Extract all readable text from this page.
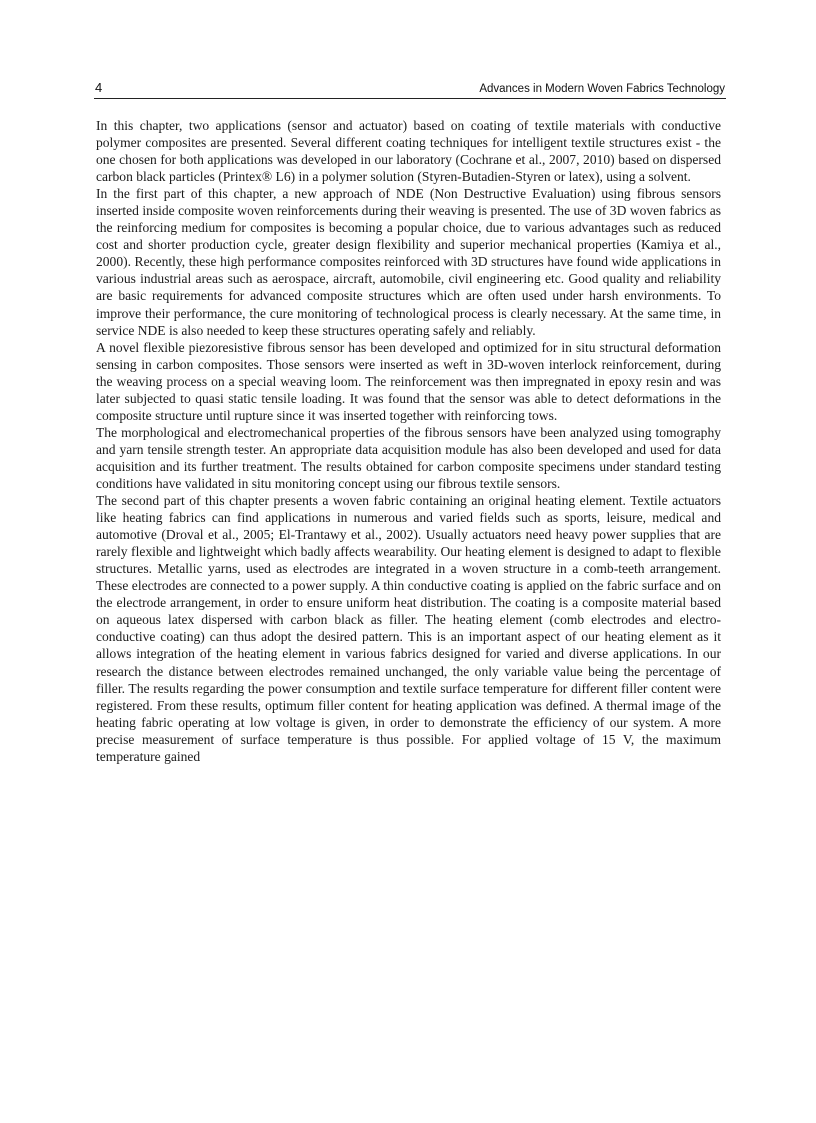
4	Advances in Modern Woven Fabrics Technology

In this chapter, two applications (sensor and actuator) based on coating of textile materials with conductive polymer composites are presented. Several different coating techniques for intelligent textile structures exist - the one chosen for both applications was developed in our laboratory (Cochrane et al., 2007, 2010) based on dispersed carbon black particles (Printex® L6) in a polymer solution (Styren-Butadien-Styren or latex), using a solvent.

In the first part of this chapter, a new approach of NDE (Non Destructive Evaluation) using fibrous sensors inserted inside composite woven reinforcements during their weaving is presented. The use of 3D woven fabrics as the reinforcing medium for composites is becoming a popular choice, due to various advantages such as reduced cost and shorter production cycle, greater design flexibility and superior mechanical properties (Kamiya et al., 2000). Recently, these high performance composites reinforced with 3D structures have found wide applications in various industrial areas such as aerospace, aircraft, automobile, civil engineering etc. Good quality and reliability are basic requirements for advanced composite structures which are often used under harsh environments. To improve their performance, the cure monitoring of technological process is clearly necessary. At the same time, in service NDE is also needed to keep these structures operating safely and reliably.

A novel flexible piezoresistive fibrous sensor has been developed and optimized for in situ structural deformation sensing in carbon composites. Those sensors were inserted as weft in 3D-woven interlock reinforcement, during the weaving process on a special weaving loom. The reinforcement was then impregnated in epoxy resin and was later subjected to quasi static tensile loading. It was found that the sensor was able to detect deformations in the composite structure until rupture since it was inserted together with reinforcing tows.

The morphological and electromechanical properties of the fibrous sensors have been analyzed using tomography and yarn tensile strength tester. An appropriate data acquisition module has also been developed and used for data acquisition and its further treatment. The results obtained for carbon composite specimens under standard testing conditions have validated in situ monitoring concept using our fibrous textile sensors.

The second part of this chapter presents a woven fabric containing an original heating element. Textile actuators like heating fabrics can find applications in numerous and varied fields such as sports, leisure, medical and automotive (Droval et al., 2005; El-Trantawy et al., 2002). Usually actuators need heavy power supplies that are rarely flexible and lightweight which badly affects wearability. Our heating element is designed to adapt to flexible structures. Metallic yarns, used as electrodes are integrated in a woven structure in a comb-teeth arrangement. These electrodes are connected to a power supply. A thin conductive coating is applied on the fabric surface and on the electrode arrangement, in order to ensure uniform heat distribution. The coating is a composite material based on aqueous latex dispersed with carbon black as filler. The heating element (comb electrodes and electro-conductive coating) can thus adopt the desired pattern. This is an important aspect of our heating element as it allows integration of the heating element in various fabrics designed for varied and diverse applications. In our research the distance between electrodes remained unchanged, the only variable value being the percentage of filler. The results regarding the power consumption and textile surface temperature for different filler content were registered. From these results, optimum filler content for heating application was defined. A thermal image of the heating fabric operating at low voltage is given, in order to demonstrate the efficiency of our system. A more precise measurement of surface temperature is thus possible. For applied voltage of 15 V, the maximum temperature gained
